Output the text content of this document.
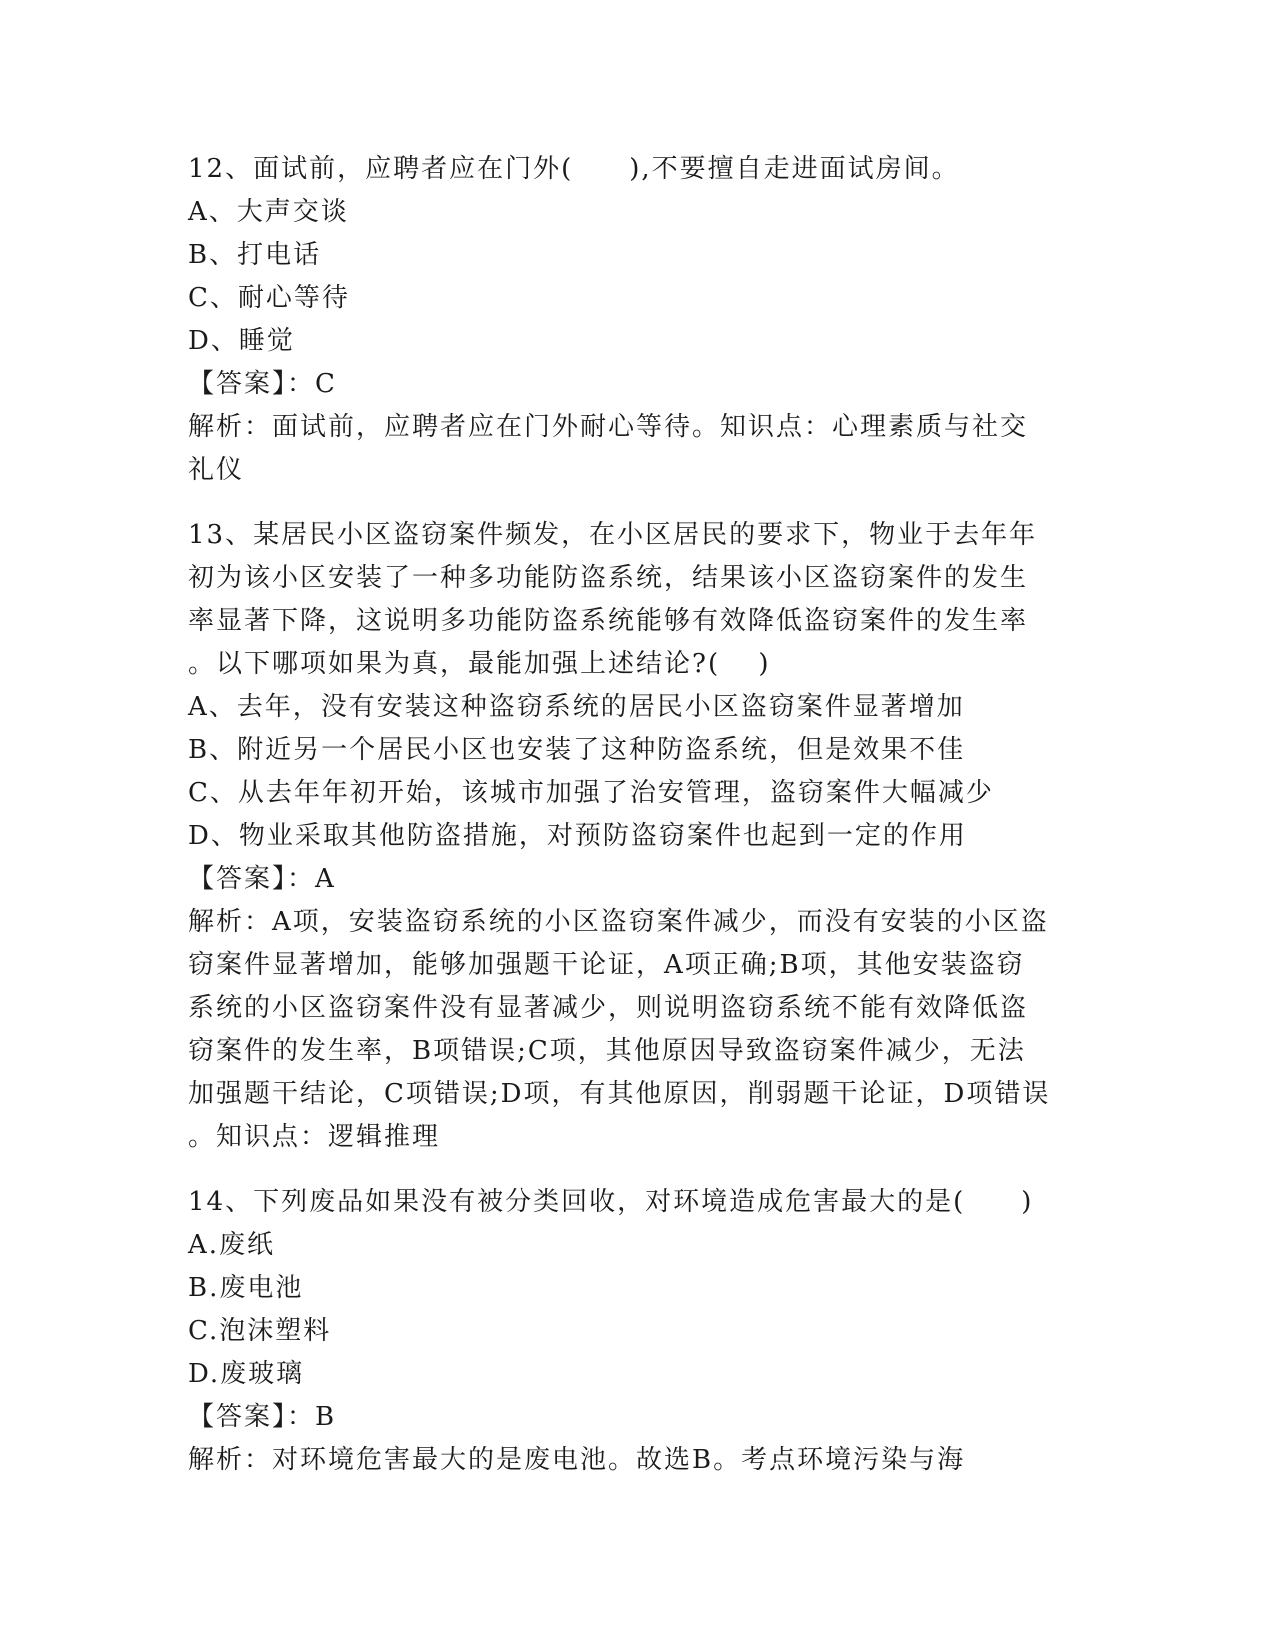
12、面试前，应聘者应在门外(　　),不要擅自走进面试房间。
A、大声交谈
B、打电话
C、耐心等待
D、睡觉
【答案】：C
解析：面试前，应聘者应在门外耐心等待。知识点：心理素质与社交
礼仪
13、某居民小区盗窃案件频发，在小区居民的要求下，物业于去年年
初为该小区安装了一种多功能防盗系统，结果该小区盗窃案件的发生
率显著下降，这说明多功能防盗系统能够有效降低盗窃案件的发生率
。以下哪项如果为真，最能加强上述结论?(　 )
A、去年，没有安装这种盗窃系统的居民小区盗窃案件显著增加
B、附近另一个居民小区也安装了这种防盗系统，但是效果不佳
C、从去年年初开始，该城市加强了治安管理，盗窃案件大幅减少
D、物业采取其他防盗措施，对预防盗窃案件也起到一定的作用
【答案】：A
解析：A项，安装盗窃系统的小区盗窃案件减少，而没有安装的小区盗
窃案件显著增加，能够加强题干论证，A项正确;B项，其他安装盗窃
系统的小区盗窃案件没有显著减少，则说明盗窃系统不能有效降低盗
窃案件的发生率，B项错误;C项，其他原因导致盗窃案件减少，无法
加强题干结论，C项错误;D项，有其他原因，削弱题干论证，D项错误
。知识点：逻辑推理
14、下列废品如果没有被分类回收，对环境造成危害最大的是(　　)
A.废纸
B.废电池
C.泡沫塑料
D.废玻璃
【答案】：B
解析：对环境危害最大的是废电池。故选B。考点环境污染与海
